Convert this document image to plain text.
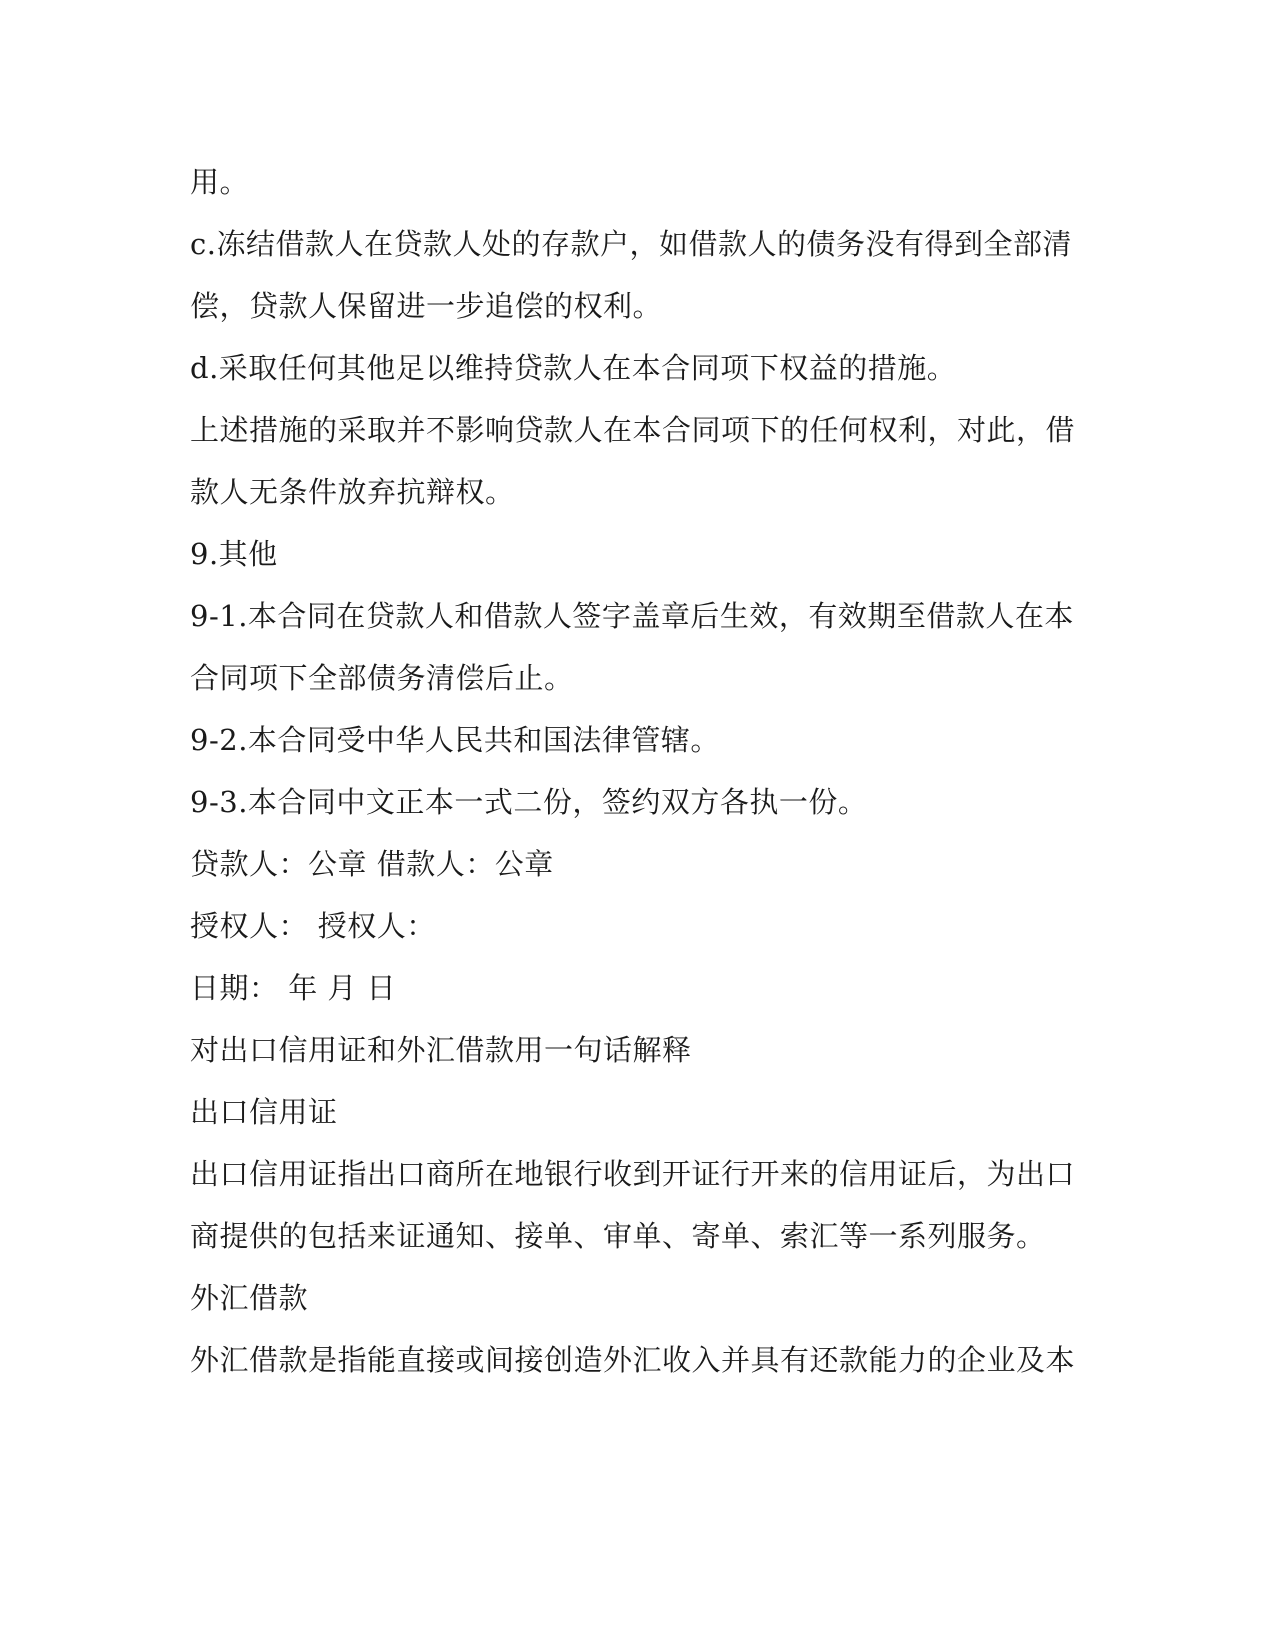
用。
c.冻结借款人在贷款人处的存款户，如借款人的债务没有得到全部清
偿，贷款人保留进一步追偿的权利。
d.采取任何其他足以维持贷款人在本合同项下权益的措施。
上述措施的采取并不影响贷款人在本合同项下的任何权利，对此，借
款人无条件放弃抗辩权。
9.其他
9-1.本合同在贷款人和借款人签字盖章后生效，有效期至借款人在本
合同项下全部债务清偿后止。
9-2.本合同受中华人民共和国法律管辖。
9-3.本合同中文正本一式二份，签约双方各执一份。
贷款人：公章 借款人：公章
授权人： 授权人：
日期： 年 月 日
对出口信用证和外汇借款用一句话解释
出口信用证
出口信用证指出口商所在地银行收到开证行开来的信用证后，为出口
商提供的包括来证通知、接单、审单、寄单、索汇等一系列服务。
外汇借款
外汇借款是指能直接或间接创造外汇收入并具有还款能力的企业及本
